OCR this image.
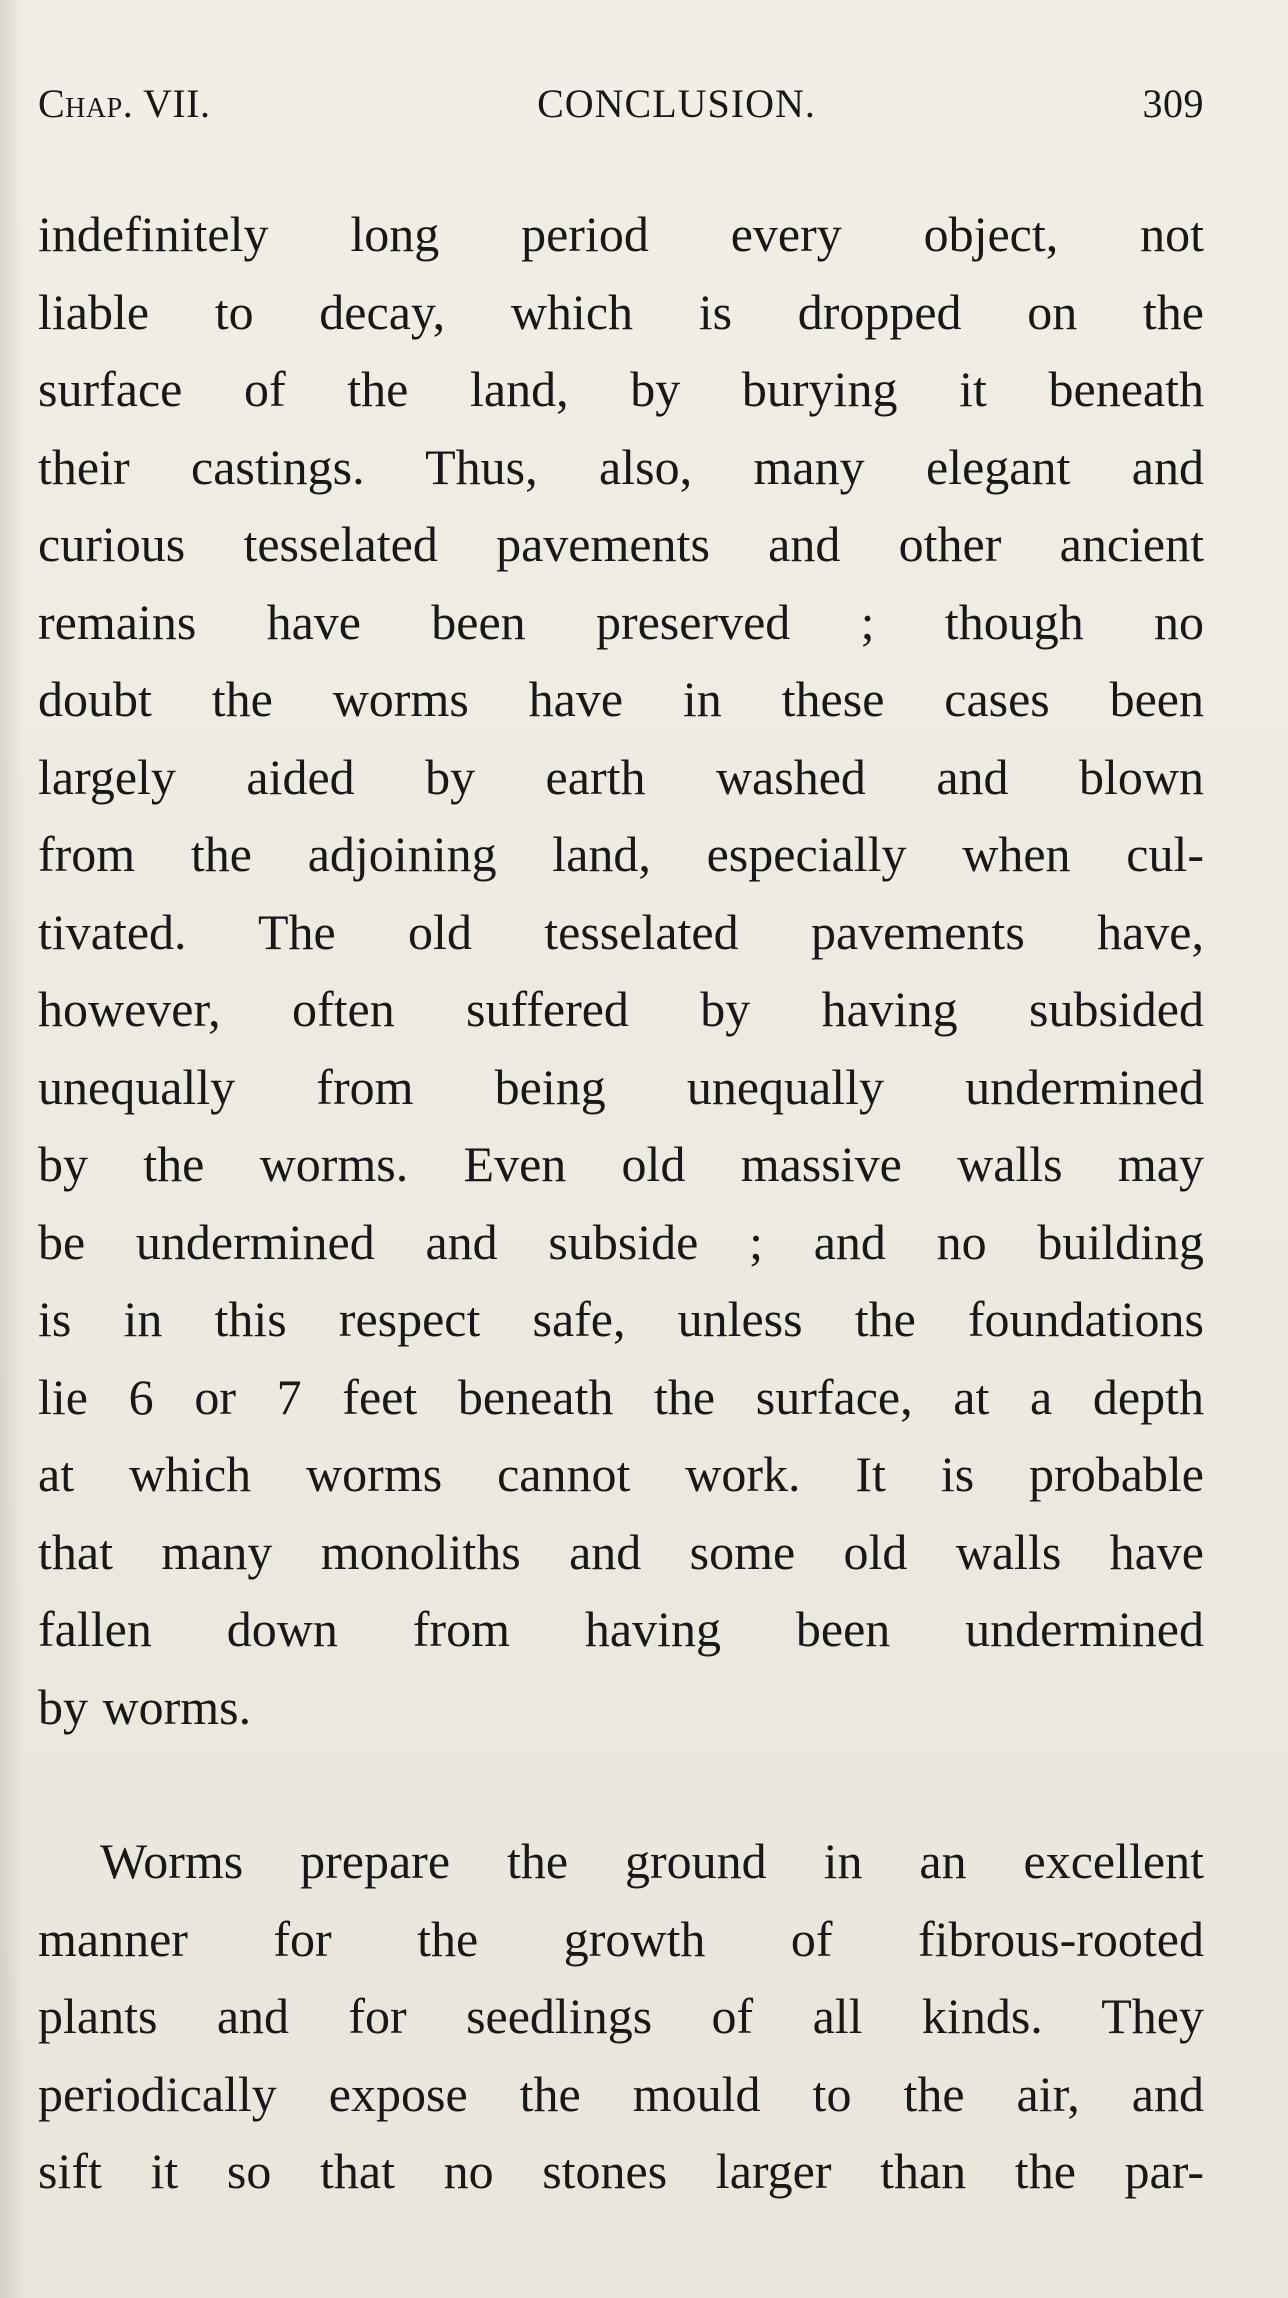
Chap. VII.	CONCLUSION.	309
indefinitely long period every object, not
liable to decay, which is dropped on the
surface of the land, by burying it beneath
their castings. Thus, also, many elegant and
curious tesselated pavements and other ancient
remains have been preserved ; though no
doubt the worms have in these cases been
largely aided by earth washed and blown
from the adjoining land, especially when cul-
tivated. The old tesselated pavements have,
however, often suffered by having subsided
unequally from being unequally undermined
by the worms. Even old massive walls may
be undermined and subside ; and no building
is in this respect safe, unless the foundations
lie 6 or 7 feet beneath the surface, at a depth
at which worms cannot work. It is probable
that many monoliths and some old walls have
fallen down from having been undermined
by worms.
Worms prepare the ground in an excellent
manner for the growth of fibrous-rooted
plants and for seedlings of all kinds. They
periodically expose the mould to the air, and
sift it so that no stones larger than the par-
